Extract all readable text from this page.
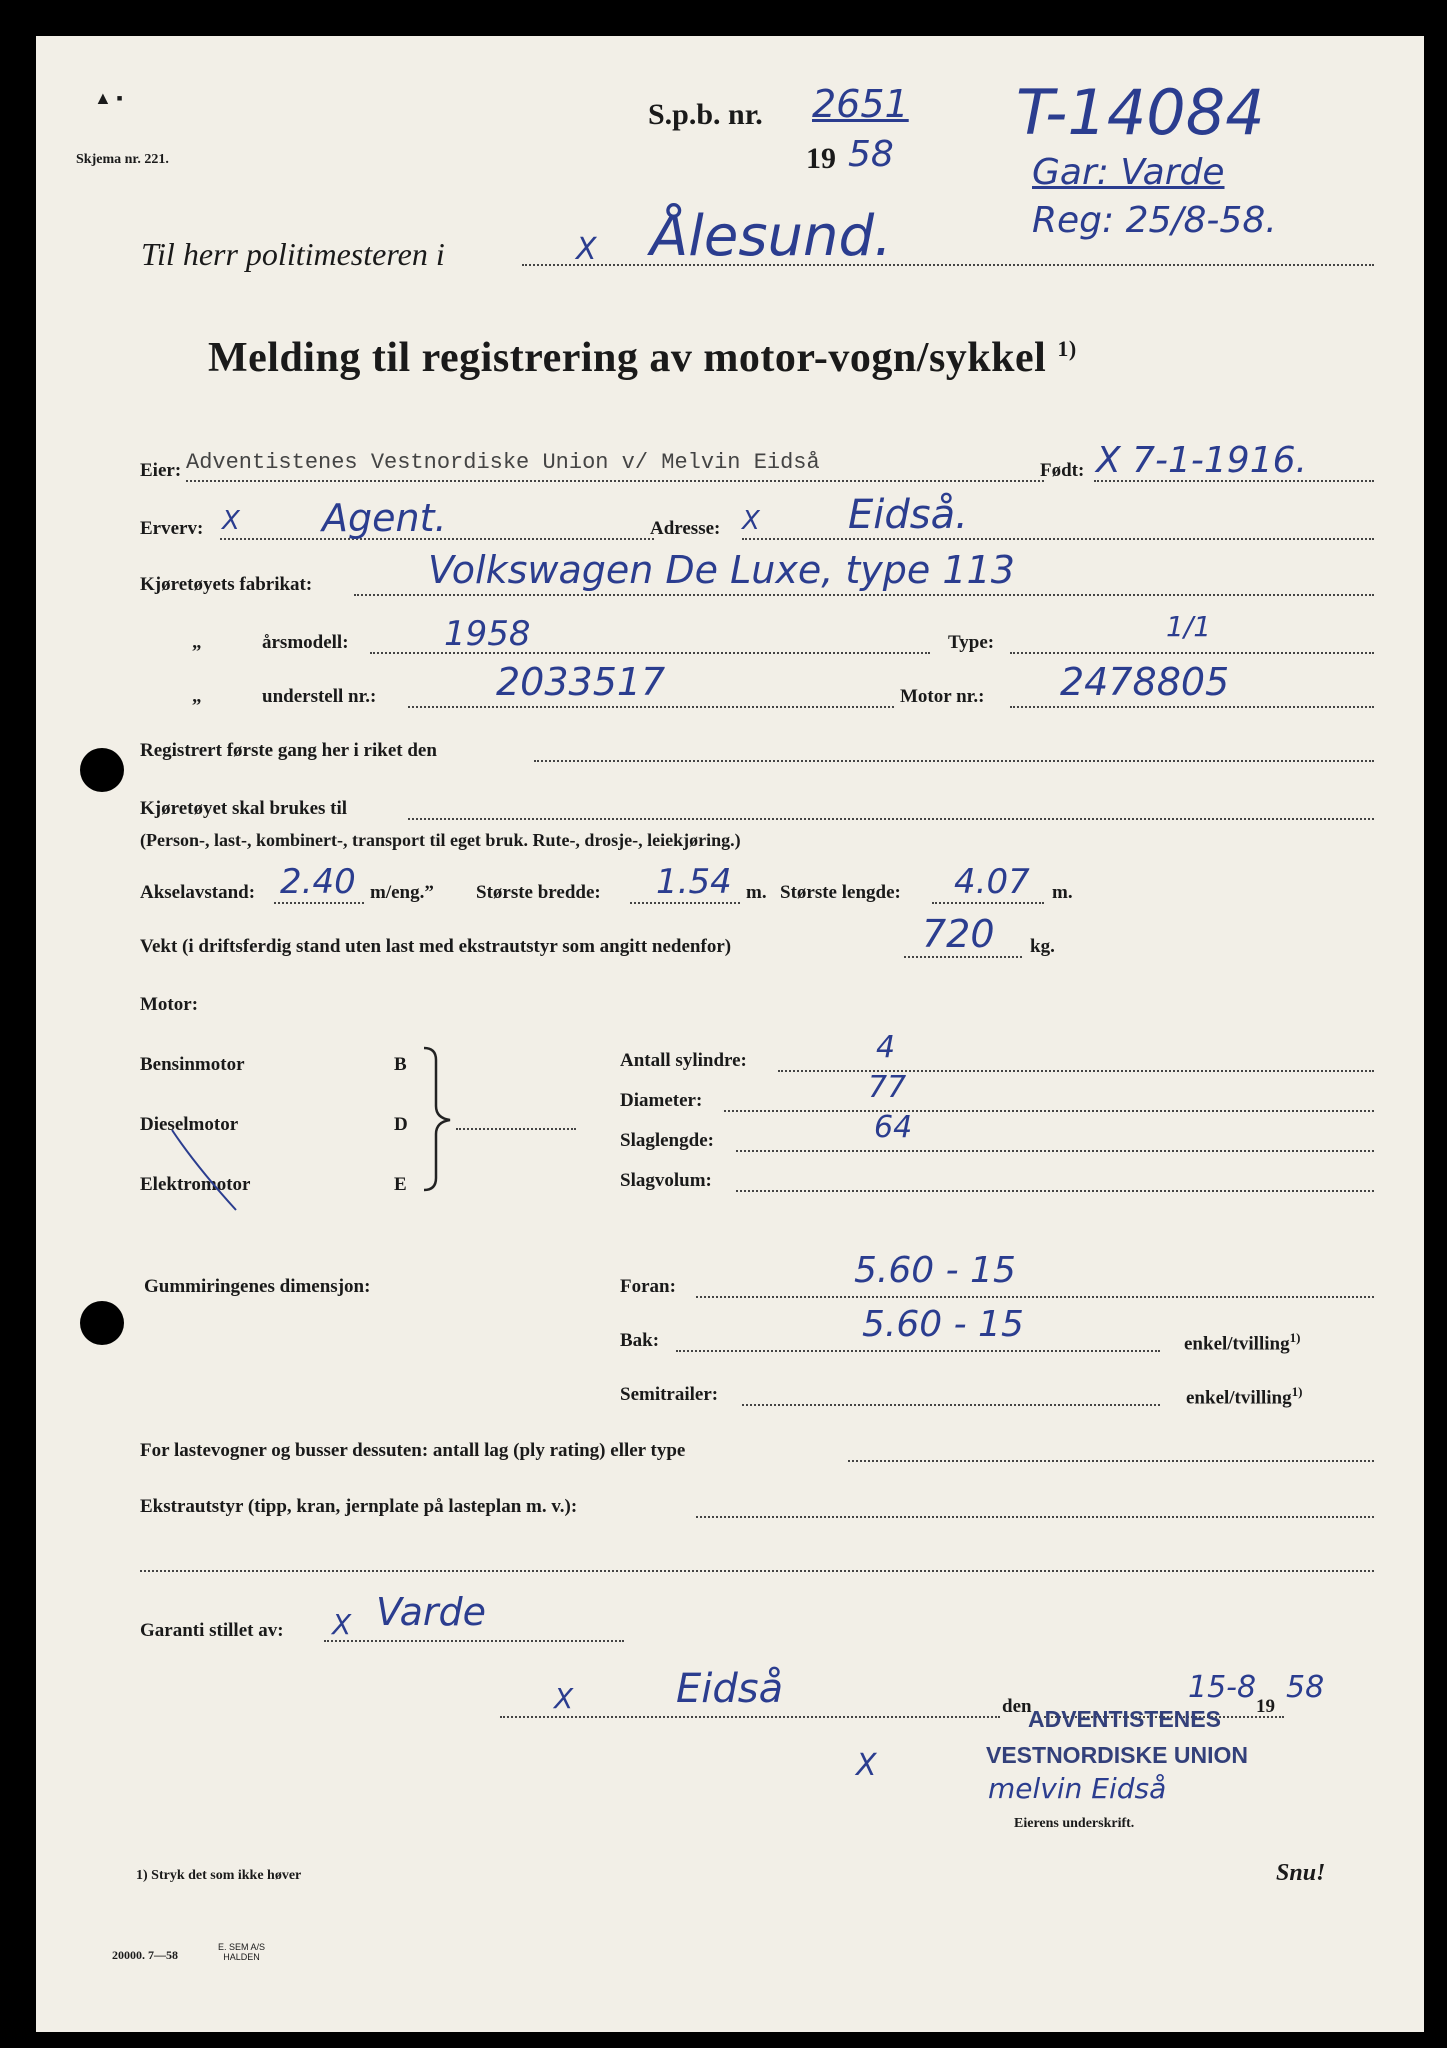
▲ ▪
Skjema nr. 221.
S.p.b. nr. 2651
19 58
T-14084
Gar: Varde
Reg: 25/8-58.
Til herr politimesteren i	X Ålesund.
Melding til registrering av motor-vogn/sykkel $^{1)}$
Eier: Adventistenes Vestnordiske Union v/ Melvin Eidså	Født: X 7-1-1916.
Erverv: X Agent.	Adresse: X Eidså.
Kjøretøyets fabrikat:	Volkswagen De Luxe, type 113
„	årsmodell:	1958	Type:	1/1
„	understell nr.:	2033517	Motor nr.: 2478805
Registrert første gang her i riket den
Kjøretøyet skal brukes til
(Person-, last-, kombinert-, transport til eget bruk. Rute-, drosje-, leiekjøring.)
Akselavstand: 2.40 m/eng.” Største bredde: 1.54 m. Største lengde: 4.07 m.
Vekt (i driftsferdig stand uten last med ekstrautstyr som angitt nedenfor)	720 kg.
Motor:
Bensinmotor	B
Dieselmotor	D
Elektromotor	E
Antall sylindre:	4
Diameter:	77
Slaglengde:	64
Slagvolum:
Gummiringenes dimensjon:	Foran:	5.60 - 15
Bak:	5.60 - 15	enkel/tvilling$^{1)}$
Semitrailer:	enkel/tvilling$^{1)}$
For lastevogner og busser dessuten: antall lag (ply rating) eller type
Ekstrautstyr (tipp, kran, jernplate på lasteplan m. v.):
Garanti stillet av: X Varde
X	Eidså	den
15-8
19
58
ADVENTISTENES
VESTNORDISKE UNION
X
melvin Eidså
Eierens underskrift.
1) Stryk det som ikke høver	Snu!
20000. 7—58
E. SEM A/S
HALDEN
